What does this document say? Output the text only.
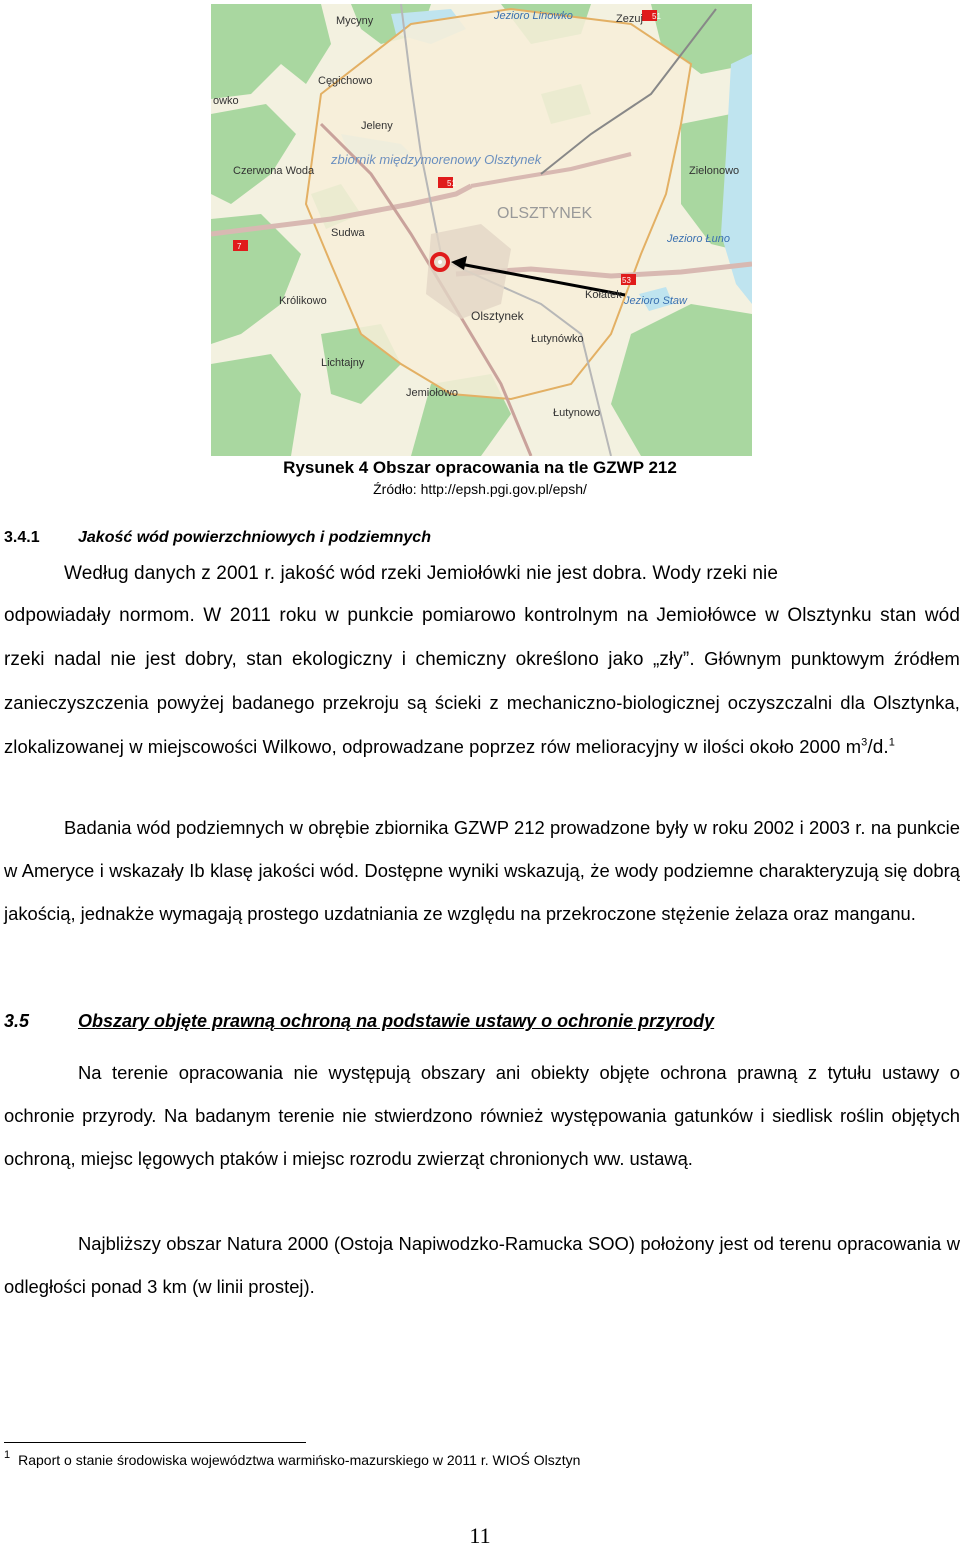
Mycyny	Jezioro Linowko	Zezuj 51
Cęgichowo
owko
Jeleny
Czerwona Woda
zbiornik międzymorenowy Olsztynek
Zielonowo
7
51
Sudwa
OLSZTYNEK
Jezioro Łuno
53
Królikowo	Kołatek Jezioro Staw
Olsztynek
Łutynówko
Lichtajny
Jemiołowo
Łutynowo
Rysunek 4 Obszar opracowania na tle GZWP 212
Źródło: http://epsh.pgi.gov.pl/epsh/
3.4.1 Jakość wód powierzchniowych i podziemnych
Według danych z 2001 r. jakość wód rzeki Jemiołówki nie jest dobra. Wody rzeki nie
odpowiadały normom. W 2011 roku w punkcie pomiarowo kontrolnym na Jemiołówce w Olsztynku stan wód rzeki nadal nie jest dobry, stan ekologiczny i chemiczny określono jako „zły”. Głównym punktowym źródłem zanieczyszczenia powyżej badanego przekroju są ścieki z mechaniczno-biologicznej oczyszczalni dla Olsztynka, zlokalizowanej w miejscowości Wilkowo, odprowadzane poprzez rów melioracyjny w ilości około 2000 $m^3/d.^1$
Badania wód podziemnych w obrębie zbiornika GZWP 212 prowadzone były w roku 2002 i 2003 r. na punkcie w Ameryce i wskazały Ib klasę jakości wód. Dostępne wyniki wskazują, że wody podziemne charakteryzują się dobrą jakością, jednakże wymagają prostego uzdatniania ze względu na przekroczone stężenie żelaza oraz manganu.
3.5	Obszary objęte prawną ochroną na podstawie ustawy o ochronie przyrody
Na terenie opracowania nie występują obszary ani obiekty objęte ochrona prawną z tytułu ustawy o ochronie przyrody. Na badanym terenie nie stwierdzono również występowania gatunków i siedlisk roślin objętych ochroną, miejsc lęgowych ptaków i miejsc rozrodu zwierząt chronionych ww. ustawą.
Najbliższy obszar Natura 2000 (Ostoja Napiwodzko-Ramucka SOO) położony jest od terenu opracowania w odległości ponad 3 km (w linii prostej).
$^1$ Raport o stanie środowiska województwa warmińsko-mazurskiego w 2011 r. WIOŚ Olsztyn
11
